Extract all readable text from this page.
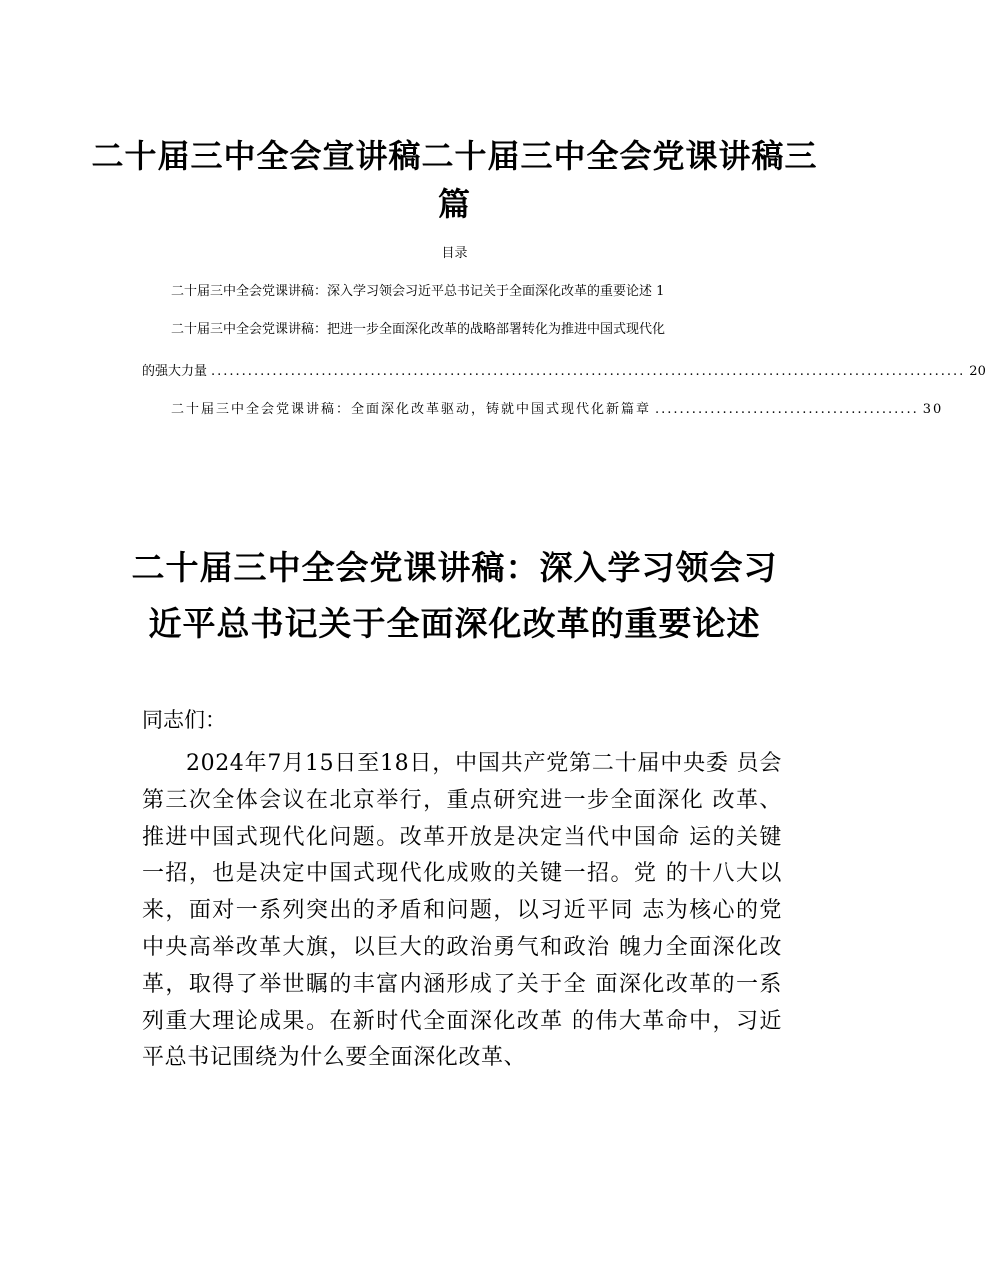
二十届三中全会宣讲稿二十届三中全会党课讲稿三篇
目录
二十届三中全会党课讲稿：深入学习领会习近平总书记关于全面深化改革的重要论述 1
二十届三中全会党课讲稿：把进一步全面深化改革的战略部署转化为推进中国式现代化
的强大力量 ........................................................................................................................... 20
二十届三中全会党课讲稿：全面深化改革驱动，铸就中国式现代化新篇章 ........................................... 30
二十届三中全会党课讲稿：深入学习领会习近平总书记关于全面深化改革的重要论述
同志们：
2024年7月15日至18日，中国共产党第二十届中央委 员会第三次全体会议在北京举行，重点研究进一步全面深化 改革、推进中国式现代化问题。改革开放是决定当代中国命 运的关键一招，也是决定中国式现代化成败的关键一招。党 的十八大以来，面对一系列突出的矛盾和问题，以习近平同 志为核心的党中央高举改革大旗，以巨大的政治勇气和政治 魄力全面深化改革，取得了举世瞩的丰富内涵形成了关于全 面深化改革的一系列重大理论成果。在新时代全面深化改革 的伟大革命中，习近平总书记围绕为什么要全面深化改革、
